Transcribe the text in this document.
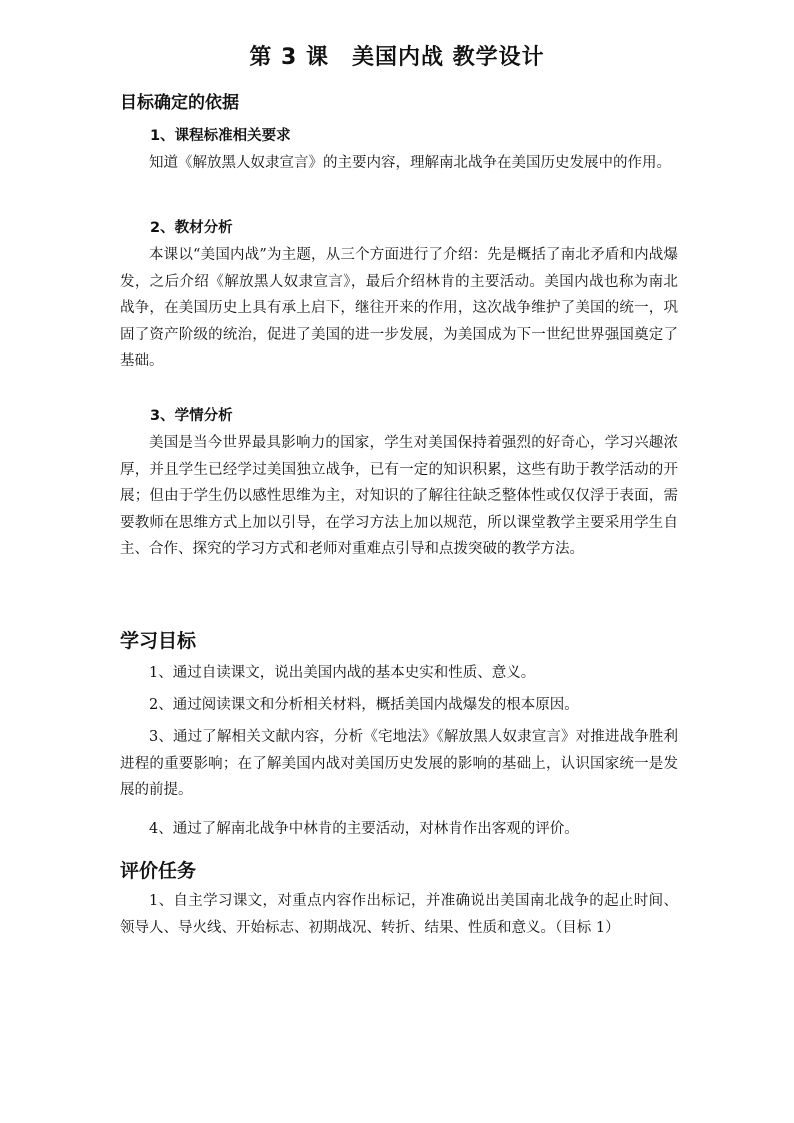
第 3 课　美国内战 教学设计
目标确定的依据
1、课程标准相关要求

知道《解放黑人奴隶宣言》的主要内容，理解南北战争在美国历史发展中的作用。

2、教材分析

本课以“美国内战”为主题，从三个方面进行了介绍：先是概括了南北矛盾和内战爆发，之后介绍《解放黑人奴隶宣言》，最后介绍林肯的主要活动。美国内战也称为南北战争，在美国历史上具有承上启下，继往开来的作用，这次战争维护了美国的统一，巩固了资产阶级的统治，促进了美国的进一步发展，为美国成为下一世纪世界强国奠定了基础。

3、学情分析

美国是当今世界最具影响力的国家，学生对美国保持着强烈的好奇心，学习兴趣浓厚，并且学生已经学过美国独立战争，已有一定的知识积累，这些有助于教学活动的开展；但由于学生仍以感性思维为主，对知识的了解往往缺乏整体性或仅仅浮于表面，需要教师在思维方式上加以引导，在学习方法上加以规范，所以课堂教学主要采用学生自主、合作、探究的学习方式和老师对重难点引导和点拨突破的教学方法。

学习目标

1、通过自读课文，说出美国内战的基本史实和性质、意义。

2、通过阅读课文和分析相关材料，概括美国内战爆发的根本原因。

3、通过了解相关文献内容，分析《宅地法》《解放黑人奴隶宣言》对推进战争胜利进程的重要影响；在了解美国内战对美国历史发展的影响的基础上，认识国家统一是发展的前提。

4、通过了解南北战争中林肯的主要活动，对林肯作出客观的评价。

评价任务

1、自主学习课文，对重点内容作出标记，并准确说出美国南北战争的起止时间、领导人、导火线、开始标志、初期战况、转折、结果、性质和意义。（目标 1）
